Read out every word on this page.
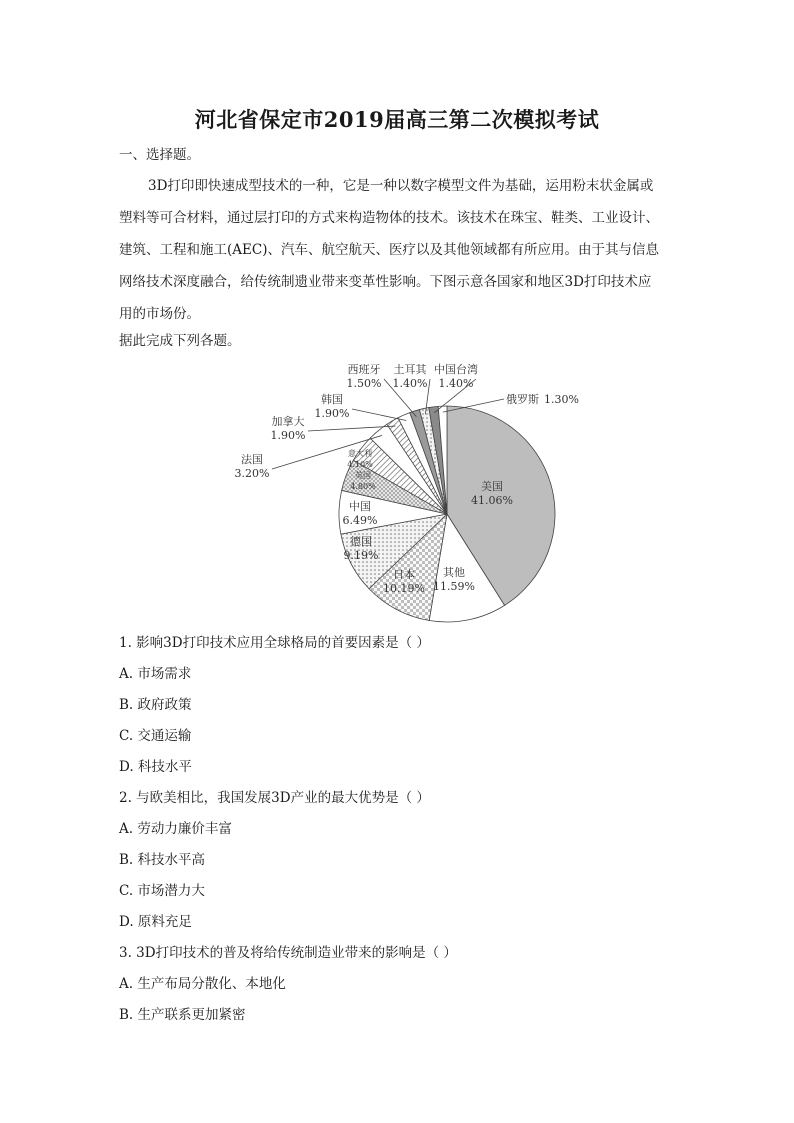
河北省保定市2019届高三第二次模拟考试
一、选择题。
3D打印即快速成型技术的一种，它是一种以数字模型文件为基础，运用粉末状金属或
塑料等可合材料，通过层打印的方式来构造物体的技术。该技术在珠宝、鞋类、工业设计、
建筑、工程和施工(AEC)、汽车、航空航天、医疗以及其他领域都有所应用。由于其与信息
网络技术深度融合，给传统制遗业带来变革性影响。下图示意各国家和地区3D打印技术应
用的市场份。
据此完成下列各题。
美国 41.06%
其他 11.59%
日本 10.19%
德国 9.19%
中国 6.49%
英国 4.80%
意大利 4.10%
法国 3.20%
加拿大 1.90%
韩国 1.90%
西班牙 1.50%
土耳其 1.40%
中国台湾 1.40%
俄罗斯 1.30%
1. 影响3D打印技术应用全球格局的首要因素是（ ）
A. 市场需求
B. 政府政策
C. 交通运输
D. 科技水平
2. 与欧美相比，我国发展3D产业的最大优势是（ ）
A. 劳动力廉价丰富
B. 科技水平高
C. 市场潜力大
D. 原料充足
3. 3D打印技术的普及将给传统制造业带来的影响是（ ）
A. 生产布局分散化、本地化
B. 生产联系更加紧密
